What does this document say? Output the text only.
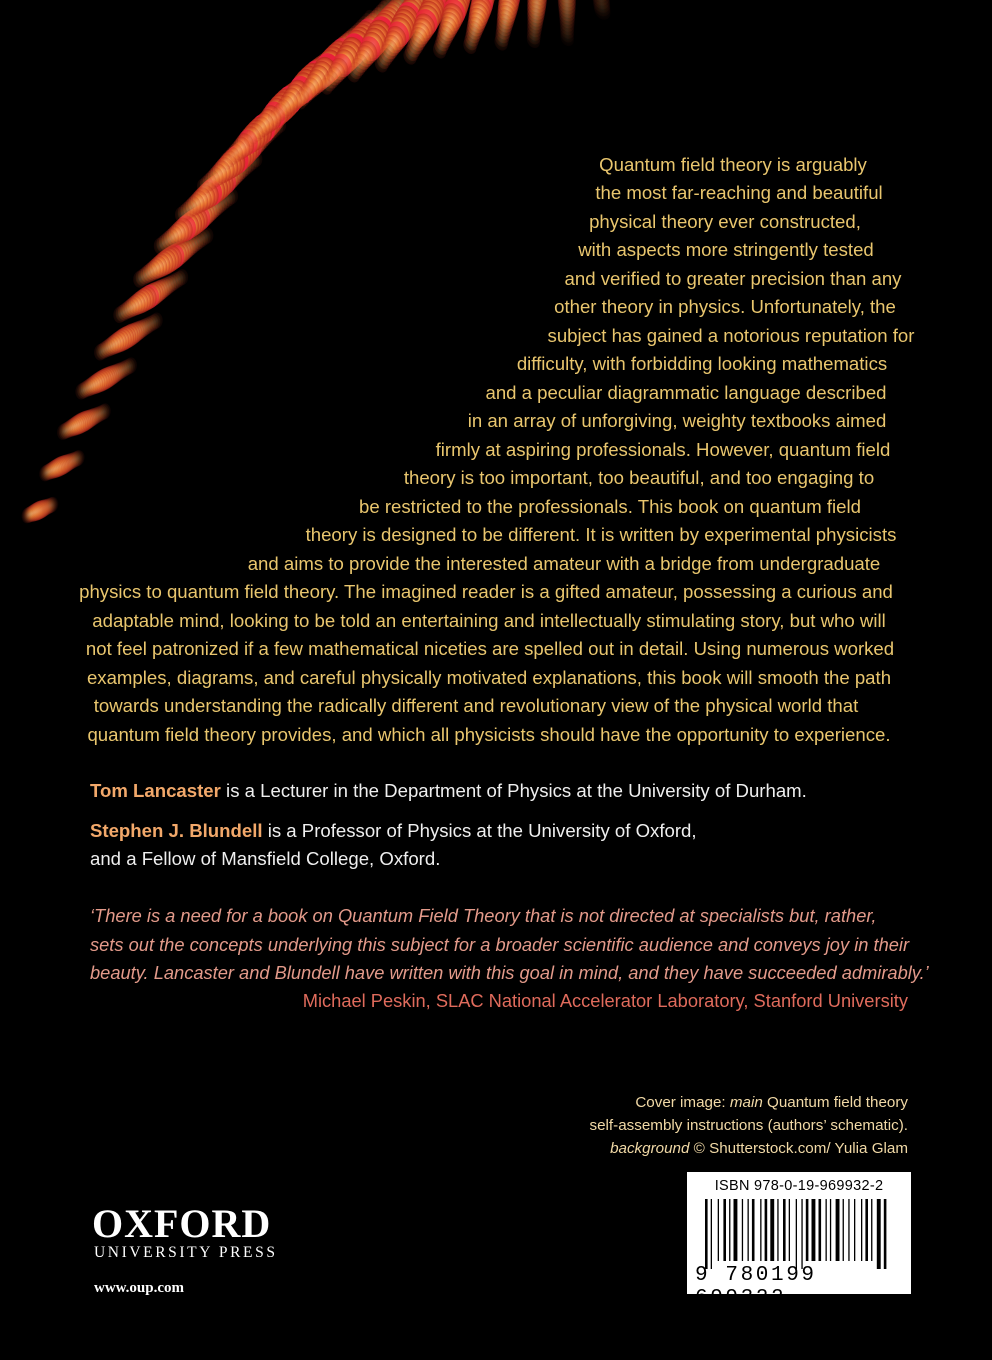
Quantum field theory is arguably
the most far-reaching and beautiful
physical theory ever constructed,
with aspects more stringently tested
and verified to greater precision than any
other theory in physics. Unfortunately, the
subject has gained a notorious reputation for
difficulty, with forbidding looking mathematics
and a peculiar diagrammatic language described
in an array of unforgiving, weighty textbooks aimed
firmly at aspiring professionals. However, quantum field
theory is too important, too beautiful, and too engaging to
be restricted to the professionals. This book on quantum field
theory is designed to be different. It is written by experimental physicists
and aims to provide the interested amateur with a bridge from undergraduate
physics to quantum field theory. The imagined reader is a gifted amateur, possessing a curious and
adaptable mind, looking to be told an entertaining and intellectually stimulating story, but who will
not feel patronized if a few mathematical niceties are spelled out in detail. Using numerous worked
examples, diagrams, and careful physically motivated explanations, this book will smooth the path
towards understanding the radically different and revolutionary view of the physical world that
quantum field theory provides, and which all physicists should have the opportunity to experience.
Tom Lancaster is a Lecturer in the Department of Physics at the University of Durham.
Stephen J. Blundell is a Professor of Physics at the University of Oxford,
and a Fellow of Mansfield College, Oxford.
‘There is a need for a book on Quantum Field Theory that is not directed at specialists but, rather,
sets out the concepts underlying this subject for a broader scientific audience and conveys joy in their
beauty. Lancaster and Blundell have written with this goal in mind, and they have succeeded admirably.’
Michael Peskin, SLAC National Accelerator Laboratory, Stanford University
Cover image: main Quantum field theory
self-assembly instructions (authors’ schematic).
background © Shutterstock.com/ Yulia Glam
ISBN 978-0-19-969932-2
9 780199 699322
OXFORD
UNIVERSITY PRESS
www.oup.com
